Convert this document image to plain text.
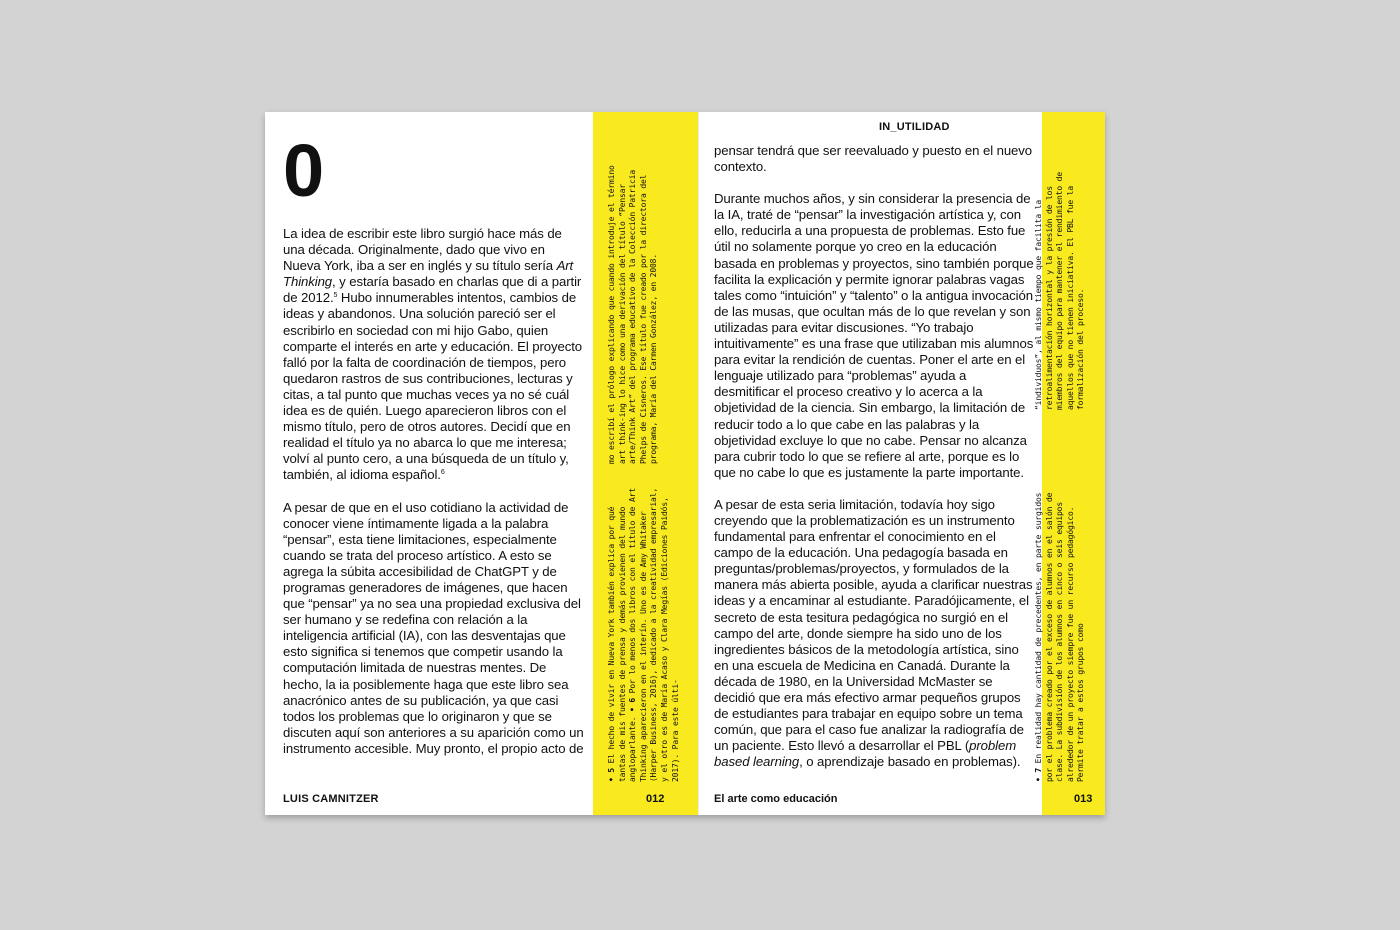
0

La idea de escribir este libro surgió hace más de una década. Originalmente, dado que vivo en Nueva York, iba a ser en inglés y su título sería Art Thinking, y estaría basado en charlas que di a partir de 2012.$^5$ Hubo innumerables intentos, cambios de ideas y abandonos. Una solución pareció ser el escribirlo en sociedad con mi hijo Gabo, quien comparte el interés en arte y educación. El proyecto falló por la falta de coordinación de tiempos, pero quedaron rastros de sus contribuciones, lecturas y citas, a tal punto que muchas veces ya no sé cuál idea es de quién. Luego aparecieron libros con el mismo título, pero de otros autores. Decidí que en realidad el título ya no abarca lo que me interesa; volví al punto cero, a una búsqueda de un título y, también, al idioma español.$^6$

A pesar de que en el uso cotidiano la actividad de conocer viene íntimamente ligada a la palabra “pensar”, esta tiene limitaciones, especialmente cuando se trata del proceso artístico. A esto se agrega la súbita accesibilidad de ChatGPT y de programas generadores de imágenes, que hacen que “pensar” ya no sea una propiedad exclusiva del ser humano y se redefina con relación a la inteligencia artificial (IA), con las desventajas que esto significa si tenemos que competir usando la computación limitada de nuestras mentes. De hecho, la ia posiblemente haga que este libro sea anacrónico antes de su publicación, ya que casi todos los problemas que lo originaron y que se discuten aquí son anteriores a su aparición como un instrumento accesible. Muy pronto, el propio acto de

IN_UTILIDAD

pensar tendrá que ser reevaluado y puesto en el nuevo contexto.

Durante muchos años, y sin considerar la presencia de la IA, traté de “pensar” la investigación artística y, con ello, reducirla a una propuesta de problemas. Esto fue útil no solamente porque yo creo en la educación basada en problemas y proyectos, sino también porque facilita la explicación y permite ignorar palabras vagas tales como “intuición” y “talento” o la antigua invocación de las musas, que ocultan más de lo que revelan y son utilizadas para evitar discusiones. “Yo trabajo intuitivamente” es una frase que utilizaban mis alumnos para evitar la rendición de cuentas. Poner el arte en el lenguaje utilizado para “problemas” ayuda a desmitificar el proceso creativo y lo acerca a la objetividad de la ciencia. Sin embargo, la limitación de reducir todo a lo que cabe en las palabras y la objetividad excluye lo que no cabe. Pensar no alcanza para cubrir todo lo que se refiere al arte, porque es lo que no cabe lo que es justamente la parte importante.

A pesar de esta seria limitación, todavía hoy sigo creyendo que la problematización es un instrumento fundamental para enfrentar el conocimiento en el campo de la educación. Una pedagogía basada en preguntas/problemas/proyectos, y formulados de la manera más abierta posible, ayuda a clarificar nuestras ideas y a encaminar al estudiante. Paradójicamente, el secreto de esta tesitura pedagógica no surgió en el campo del arte, donde siempre ha sido uno de los ingredientes básicos de la metodología artística, sino en una escuela de Medicina en Canadá. Durante la década de 1980, en la Universidad McMaster se decidió que era más efectivo armar pequeños grupos de estudiantes para trabajar en equipo sobre un tema común, que para el caso fue analizar la radiografía de un paciente. Esto llevó a desarrollar el PBL (problem based learning, o aprendizaje basado en problemas).

mo escribí el prólogo explicando que cuando introduje el término art think-ing lo hice como una derivación del título “Pensar arte/Think Art” del programa educativo de la Colección Patricia Phelps de Cisneros. Ese título fue creado por la directora del programa, María del Carmen González, en 2008.
• 5 El hecho de vivir en Nueva York también explica por qué tantas de mis fuentes de prensa y demás provienen del mundo angloparlante. • 6 Por lo menos dos libros con el título de Art Thinking aparecieron en el interín. Uno es de Amy Whitaker (Harper Business, 2016), dedicado a la creatividad empresarial, y el otro es de María Acaso y Clara Megías (Ediciones Paidós, 2017). Para este últi-
“individuos”, al mismo tiempo que facilita la retroalimentación horizontal y la presión de los miembros del equipo para mantener el rendimiento de aquellos que no tienen iniciativa. El PBL fue la formalización del proceso.
• 7 En realidad hay cantidad de precedentes, en parte surgidos por el problema creado por el exceso de alumnos en el salón de clase. La subdivisión de los alumnos en cinco o seis equipos alrededor de un proyecto siempre fue un recurso pedagógico. Permite tratar a estos grupos como
LUIS CAMNITZER	012	El arte como educación	013
